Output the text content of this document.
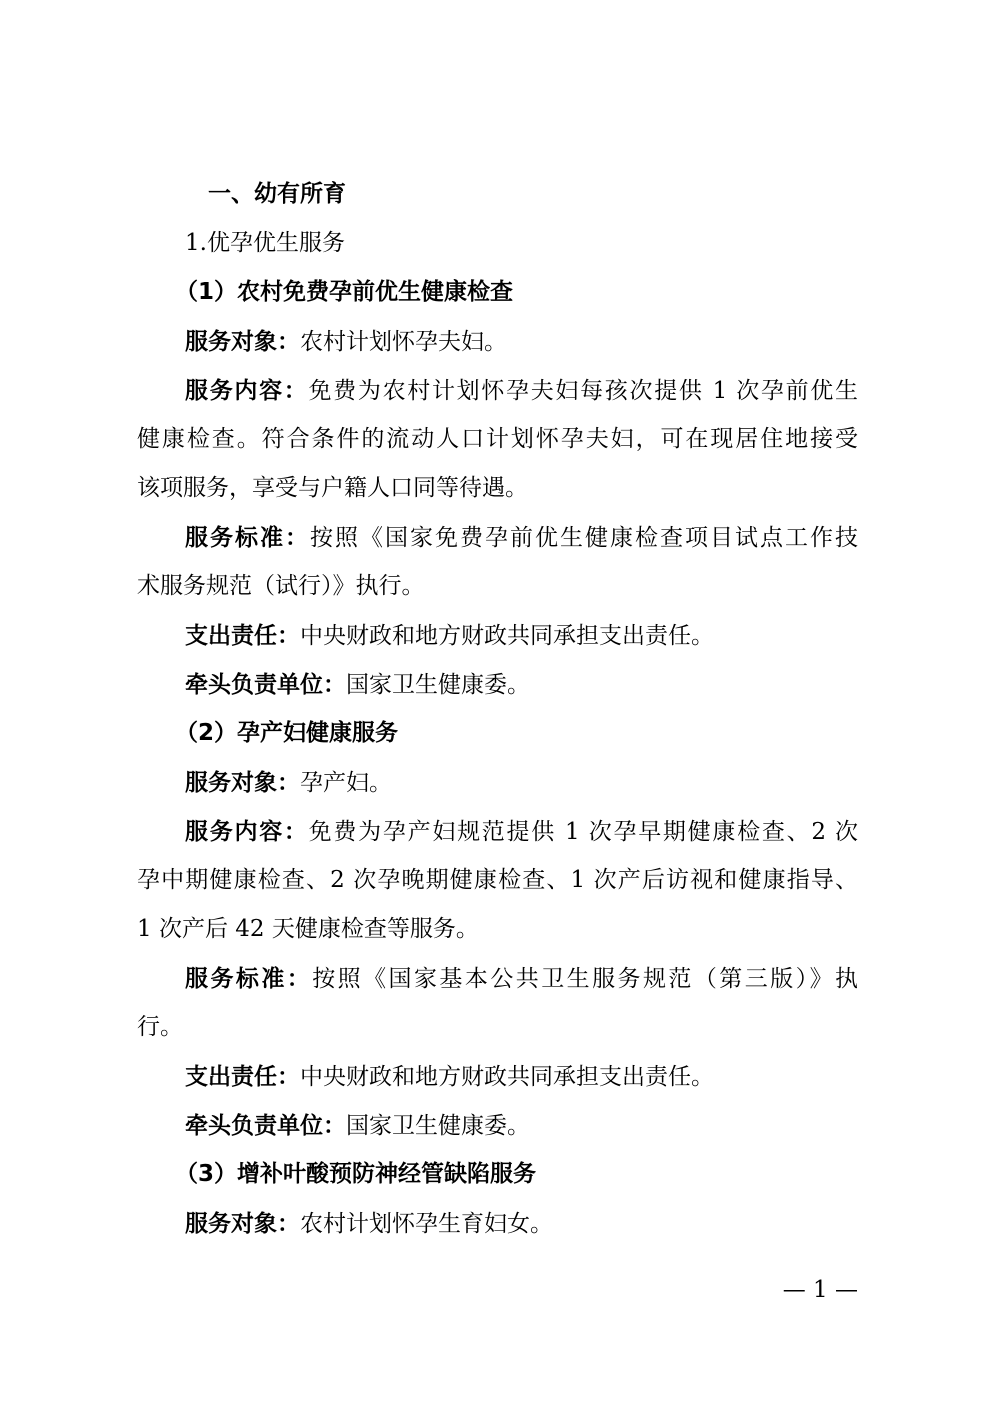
一、幼有所育
1.优孕优生服务
（1）农村免费孕前优生健康检查
服务对象：农村计划怀孕夫妇。
服务内容：免费为农村计划怀孕夫妇每孩次提供 1 次孕前优生
健康检查。符合条件的流动人口计划怀孕夫妇，可在现居住地接受
该项服务，享受与户籍人口同等待遇。
服务标准：按照《国家免费孕前优生健康检查项目试点工作技
术服务规范（试行）》执行。
支出责任：中央财政和地方财政共同承担支出责任。
牵头负责单位：国家卫生健康委。
（2）孕产妇健康服务
服务对象：孕产妇。
服务内容：免费为孕产妇规范提供 1 次孕早期健康检查、2 次
孕中期健康检查、2 次孕晚期健康检查、1 次产后访视和健康指导、
1 次产后 42 天健康检查等服务。
服务标准：按照《国家基本公共卫生服务规范（第三版）》执
行。
支出责任：中央财政和地方财政共同承担支出责任。
牵头负责单位：国家卫生健康委。
（3）增补叶酸预防神经管缺陷服务
服务对象：农村计划怀孕生育妇女。
— 1 —
